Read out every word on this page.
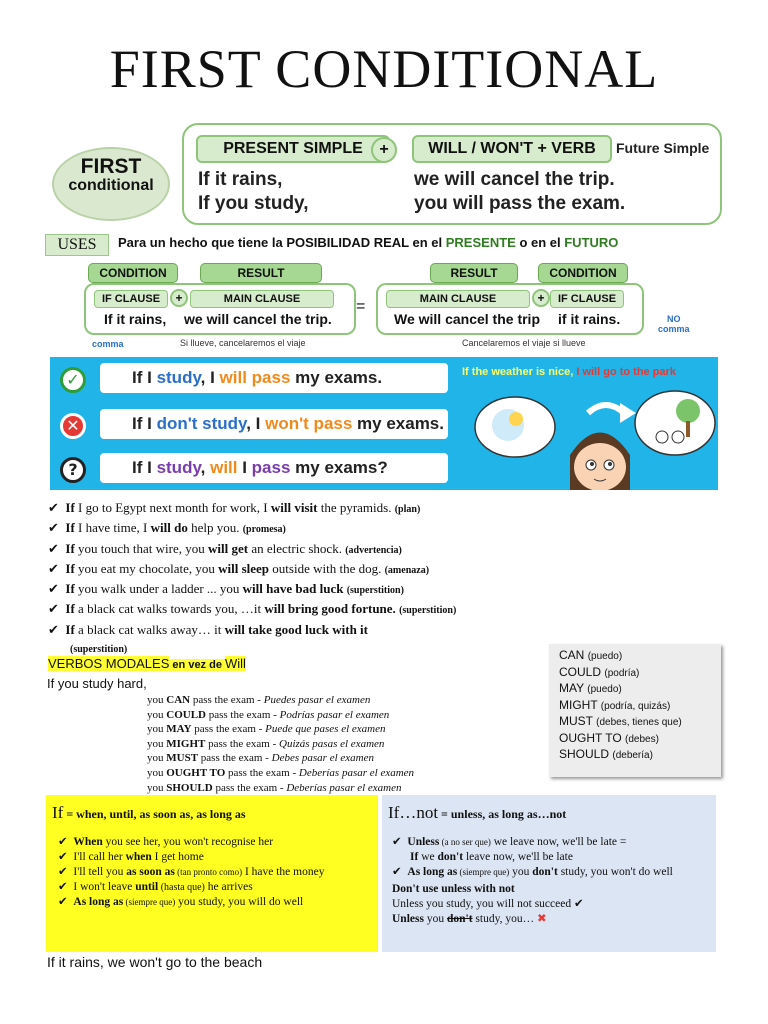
FIRST CONDITIONAL
FIRST
conditional
PRESENT SIMPLE	+	WILL / WON'T + VERB	Future Simple
If it rains,	we will cancel the trip.
If you study,	you will pass the exam.
USES	Para un hecho que tiene la POSIBILIDAD REAL en el PRESENTE o en el FUTURO
CONDITION	RESULT
IF CLAUSE	+	MAIN CLAUSE
If it rains, we will cancel the trip.
comma	Si llueve, cancelaremos el viaje
=
RESULT	CONDITION
MAIN CLAUSE	+	IF CLAUSE
We will cancel the trip if it rains.	NO
comma
Cancelaremos el viaje si llueve
✓	If I study, I will pass my exams.
✕	If I don't study, I won't pass my exams.
?	If I study, will I pass my exams?
If the weather is nice, I will go to the park
✔  If I go to Egypt next month for work, I will visit the pyramids. (plan)
✔  If I have time, I will do help you. (promesa)
✔  If you touch that wire, you will get an electric shock. (advertencia)
✔  If you eat my chocolate, you will sleep outside with the dog. (amenaza)
✔  If you walk under a ladder ... you will have bad luck (superstition)
✔  If a black cat walks towards you, …it will bring good fortune. (superstition)
✔  If a black cat walks away… it will take good luck with it
(superstition)
VERBOS MODALES en vez de Will
If you study hard,
you CAN pass the exam - Puedes pasar el examen
you COULD pass the exam - Podrías pasar el examen
you MAY pass the exam - Puede que pases el examen
you MIGHT pass the exam - Quizás pasas el examen
you MUST pass the exam - Debes pasar el examen
you OUGHT TO pass the exam - Deberías pasar el examen
you SHOULD pass the exam - Deberías pasar el examen
CAN (puedo)
COULD (podría)
MAY (puedo)
MIGHT (podría, quizás)
MUST (debes, tienes que)
OUGHT TO (debes)
SHOULD (debería)
If = when, until, as soon as, as long as
✔  When you see her, you won't recognise her
✔  I'll call her when I get home
✔  I'll tell you as soon as (tan pronto como) I have the money
✔  I won't leave until (hasta que) he arrives
✔  As long as (siempre que) you study, you will do well
If…not = unless, as long as…not
✔  Unless (a no ser que) we leave now, we'll be late =
If we don't leave now, we'll be late
✔  As long as (siempre que) you don't study, you won't do well
Don't use unless with not
Unless you study, you will not succeed ✔
Unless you don't study, you… ✖
If it rains, we won't go to the beach
